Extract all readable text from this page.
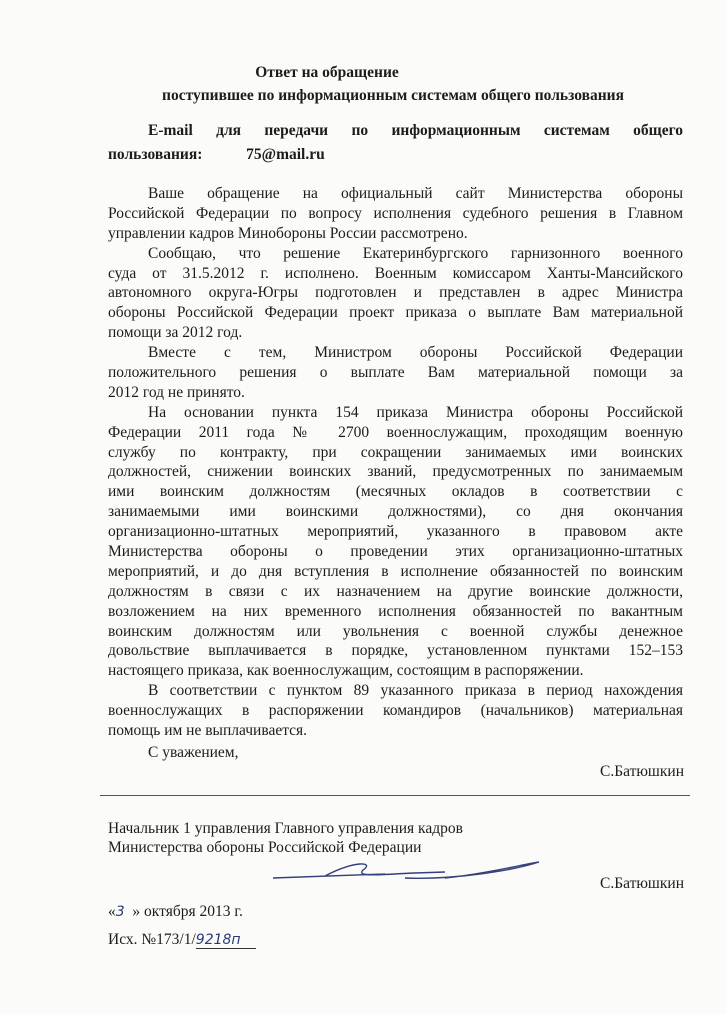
Ответ на обращение
поступившее по информационным системам общего пользования
E-mail для передачи по информационным системам общего
пользования:	75@mail.ru
Ваше обращение на официальный сайт Министерства обороны
Российской Федерации по вопросу исполнения судебного решения в Главном
управлении кадров Минобороны России рассмотрено.
Сообщаю, что решение Екатеринбургского гарнизонного военного
суда от 31.5.2012 г. исполнено. Военным комиссаром Ханты-Мансийского
автономного округа-Югры подготовлен и представлен в адрес Министра
обороны Российской Федерации проект приказа о выплате Вам материальной
помощи за 2012 год.
Вместе с тем, Министром обороны Российской Федерации
положительного решения о выплате Вам материальной помощи за
2012 год не принято.
На основании пункта 154 приказа Министра обороны Российской
Федерации 2011 года № 2700 военнослужащим, проходящим военную
службу по контракту, при сокращении занимаемых ими воинских
должностей, снижении воинских званий, предусмотренных по занимаемым
ими воинским должностям (месячных окладов в соответствии с
занимаемыми ими воинскими должностями), со дня окончания
организационно-штатных мероприятий, указанного в правовом акте
Министерства обороны о проведении этих организационно-штатных
мероприятий, и до дня вступления в исполнение обязанностей по воинским
должностям в связи с их назначением на другие воинские должности,
возложением на них временного исполнения обязанностей по вакантным
воинским должностям или увольнения с военной службы денежное
довольствие выплачивается в порядке, установленном пунктами 152–153
настоящего приказа, как военнослужащим, состоящим в распоряжении.
В соответствии с пунктом 89 указанного приказа в период нахождения
военнослужащих в распоряжении командиров (начальников) материальная
помощь им не выплачивается.
С уважением,
С.Батюшкин
Начальник 1 управления Главного управления кадров
Министерства обороны Российской Федерации
С.Батюшкин
«3 » октября 2013 г.
Исх. №173/1/9218п
